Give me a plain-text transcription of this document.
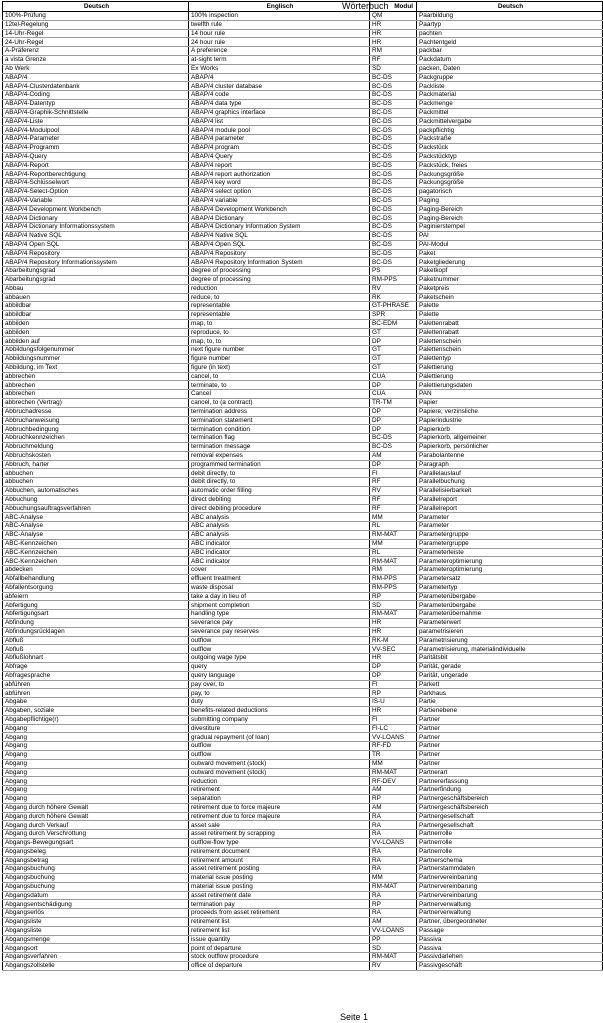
Wörterbuch
Deutsch	Englisch	Modul	Deutsch
100%-Prüfung	100% inspection	QM	Paarbildung
12tel-Regelung	twelfth rule	HR	Paartyp
14-Uhr-Regel	14 hour rule	HR	pachten
24-Uhr-Regel	24 hour rule	HR	Pachtentgeld
A-Präferenz	A preference	RM	packbar
a vista Grenze	at-sight term	RF	Packdatum
Ab Werk	Ex Works	SD	packen, Daten
ABAP/4	ABAP/4	BC-DS	Packgruppe
ABAP/4-Clusterdatenbank	ABAP/4 cluster database	BC-DS	Packliste
ABAP/4-Coding	ABAP/4 code	BC-DS	Packmaterial
ABAP/4-Datentyp	ABAP/4 data type	BC-DS	Packmenge
ABAP/4-Graphik-Schnittstelle	ABAP/4 graphics interface	BC-DS	Packmittel
ABAP/4-Liste	ABAP/4 list	BC-DS	Packmittelvergabe
ABAP/4-Modulpool	ABAP/4 module pool	BC-DS	packpflichtig
ABAP/4-Parameter	ABAP/4 parameter	BC-DS	Packstraße
ABAP/4-Programm	ABAP/4 program	BC-DS	Packstück
ABAP/4-Query	ABAP/4 Query	BC-DS	Packstücktyp
ABAP/4-Report	ABAP/4 report	BC-DS	Packstück, freies
ABAP/4-Reportberechtigung	ABAP/4 report authorization	BC-DS	Packungsgröße
ABAP/4-Schlüsselwort	ABAP/4 key word	BC-DS	Packungsgröße
ABAP/4-Select-Option	ABAP/4 select option	BC-DS	pagatorisch
ABAP/4-Variable	ABAP/4 variable	BC-DS	Paging
ABAP/4 Development Workbench	ABAP/4 Development Workbench	BC-DS	Paging-Bereich
ABAP/4 Dictionary	ABAP/4 Dictionary	BC-DS	Paging-Bereich
ABAP/4 Dictionary Informationssystem	ABAP/4 Dictionary Information System	BC-DS	Paginierstempel
ABAP/4 Native SQL	ABAP/4 Native SQL	BC-DS	PAI
ABAP/4 Open SQL	ABAP/4 Open SQL	BC-DS	PAI-Modul
ABAP/4 Repository	ABAP/4 Repository	BC-DS	Paket
ABAP/4 Repository Informationssystem	ABAP/4 Repository Information System	BC-DS	Paketgliederung
Abarbeitungsgrad	degree of processing	PS	Paketkopf
Abarbeitungsgrad	degree of processing	RM-PPS	Paketnummer
Abbau	reduction	RV	Paketpreis
abbauen	reduce, to	RK	Paketschein
abbildbar	representable	GT-PHRASE	Palette
abbildbar	representable	SPR	Palette
abbilden	map, to	BC-EDM	Palettenrabatt
abbilden	reproduce, to	GT	Palettenrabatt
abbilden auf	map, to, to	DP	Palettenschein
Abbildungsfolgenummer	next figure number	GT	Palettenschein
Abbildungsnummer	figure number	GT	Palettentyp
Abbildung, im Text	figure (in text)	GT	Palettierung
abbrechen	cancel, to	CUA	Palettierung
abbrechen	terminate, to	DP	Palettierungsdaten
abbrechen	Cancel	CUA	PAN
abbrechen (Vertrag)	cancel, to (a contract)	TR-TM	Papier
Abbruchadresse	termination address	DP	Papiere, verzinsliche
Abbruchanweisung	termination statement	DP	Papierindustrie
Abbruchbedingung	termination condition	DP	Papierkorb
Abbruchkennzeichen	termination flag	BC-DS	Papierkorb, allgemeiner
Abbruchmeldung	termination message	BC-DS	Papierkorb, persönlicher
Abbruchskosten	removal expenses	AM	Parabolantenne
Abbruch, harter	programmed termination	DP	Paragraph
abbuchen	debit directly, to	FI	Parallelauslauf
abbuchen	debit directly, to	RF	Parallelbuchung
Abbuchen, automatisches	automatic order filling	RV	Parallelisierbarkeit
Abbuchung	direct debiting	RF	Parallelreport
Abbuchungsauftragsverfahren	direct debiting procedure	RF	Parallelreport
ABC-Analyse	ABC analysis	MM	Parameter
ABC-Analyse	ABC analysis	RL	Parameter
ABC-Analyse	ABC analysis	RM-MAT	Parametergruppe
ABC-Kennzeichen	ABC indicator	MM	Parametergruppe
ABC-Kennzeichen	ABC indicator	RL	Parameterleiste
ABC-Kennzeichen	ABC indicator	RM-MAT	Parameteroptimierung
abdecken	cover	RM	Parameteroptimierung
Abfallbehandlung	effluent treatment	RM-PPS	Parametersatz
Abfallentsorgung	waste disposal	RM-PPS	Parametertyp
abfeiern	take a day in lieu of	RP	Parameterübergabe
Abfertigung	shipment completion	SD	Parameterübergabe
Abfertigungsart	handling type	RM-MAT	Parameterübernahme
Abfindung	severance pay	HR	Parameterwert
Abfindungsrücklagen	severance pay reserves	HR	parametrisieren
Abfluß	outflow	RK-M	Parametrisierung
Abfluß	outflow	VV-SEC	Parametrisierung, materialindividuelle
Abflußlohnart	outgoing wage type	HR	Paritätsbit
Abfrage	query	DP	Parität, gerade
Abfragesprache	query language	DP	Parität, ungerade
abführen	pay over, to	FI	Parkett
abführen	pay, to	RP	Parkhaus
Abgabe	duty	IS-U	Partie
Abgaben, soziale	benefits-related deductions	HR	Partienebene
Abgabepflichtige(r)	submitting company	FI	Partner
Abgang	divestiture	FI-LC	Partner
Abgang	gradual repayment (of loan)	VV-LOANS	Partner
Abgang	outflow	RF-FD	Partner
Abgang	outflow	TR	Partner
Abgang	outward movement (stock)	MM	Partner
Abgang	outward movement (stock)	RM-MAT	Partnerart
Abgang	reduction	RF-DEV	Partnererfassung
Abgang	retirement	AM	Partnerfindung
Abgang	separation	RP	Partnergeschäftsbereich
Abgang durch höhere Gewalt	retirement due to force majeure	AM	Partnergeschäftsbereich
Abgang durch höhere Gewalt	retirement due to force majeure	RA	Partnergesellschaft
Abgang durch Verkauf	asset sale	RA	Partnergesellschaft
Abgang durch Verschrottung	asset retirement by scrapping	RA	Partnerrolle
Abgangs-Bewegungsart	outflow-flow type	VV-LOANS	Partnerrolle
Abgangsbeleg	retirement document	RA	Partnerrolle
Abgangsbetrag	retirement amount	RA	Partnerschema
Abgangsbuchung	asset retirement posting	RA	Partnerstammdaten
Abgangsbuchung	material issue posting	MM	Partnervereinbarung
Abgangsbuchung	material issue posting	RM-MAT	Partnervereinbarung
Abgangsdatum	asset retirement date	RA	Partnervereinbarung
Abgangsentschädigung	termination pay	RP	Partnerverwaltung
Abgangserlös	proceeds from asset retirement	RA	Partnerverwaltung
Abgangsliste	retirement list	AM	Partner, übergeordneter
Abgangsliste	retirement list	VV-LOANS	Passage
Abgangsmenge	issue quantity	PP	Passiva
Abgangsort	point of departure	SD	Passiva
Abgangsverfahren	stock outflow procedure	RM-MAT	Passivdarlehen
Abgangszollstelle	office of departure	RV	Passivgeschäft
Seite 1
